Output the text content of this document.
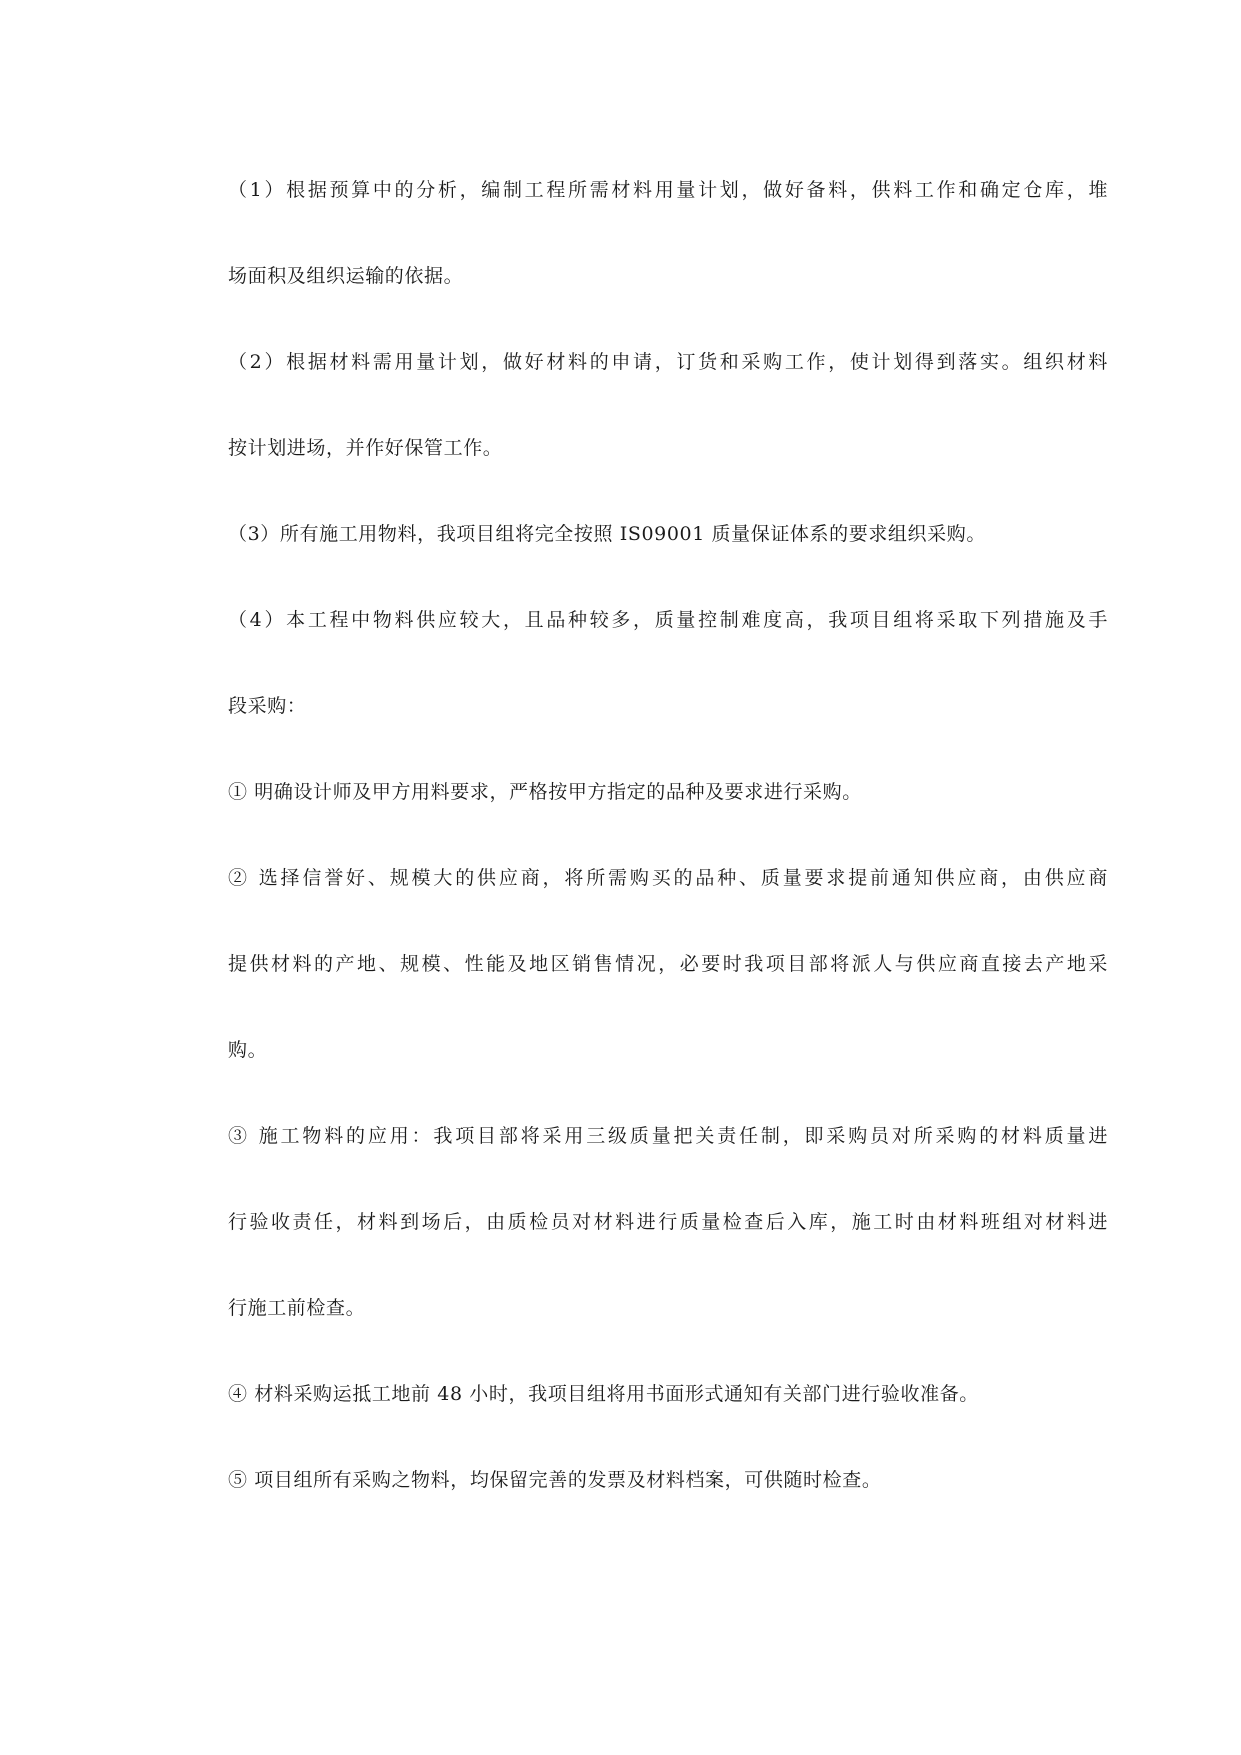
（1）根据预算中的分析，编制工程所需材料用量计划，做好备料，供料工作和确定仓库，堆
场面积及组织运输的依据。
（2）根据材料需用量计划，做好材料的申请，订货和采购工作，使计划得到落实。组织材料
按计划进场，并作好保管工作。
（3）所有施工用物料，我项目组将完全按照 IS09001 质量保证体系的要求组织采购。
（4）本工程中物料供应较大，且品种较多，质量控制难度高，我项目组将采取下列措施及手
段采购：
① 明确设计师及甲方用料要求，严格按甲方指定的品种及要求进行采购。
② 选择信誉好、规模大的供应商，将所需购买的品种、质量要求提前通知供应商，由供应商
提供材料的产地、规模、性能及地区销售情况，必要时我项目部将派人与供应商直接去产地采
购。
③ 施工物料的应用：我项目部将采用三级质量把关责任制，即采购员对所采购的材料质量进
行验收责任，材料到场后，由质检员对材料进行质量检查后入库，施工时由材料班组对材料进
行施工前检查。
④ 材料采购运抵工地前 48 小时，我项目组将用书面形式通知有关部门进行验收准备。
⑤ 项目组所有采购之物料，均保留完善的发票及材料档案，可供随时检查。
